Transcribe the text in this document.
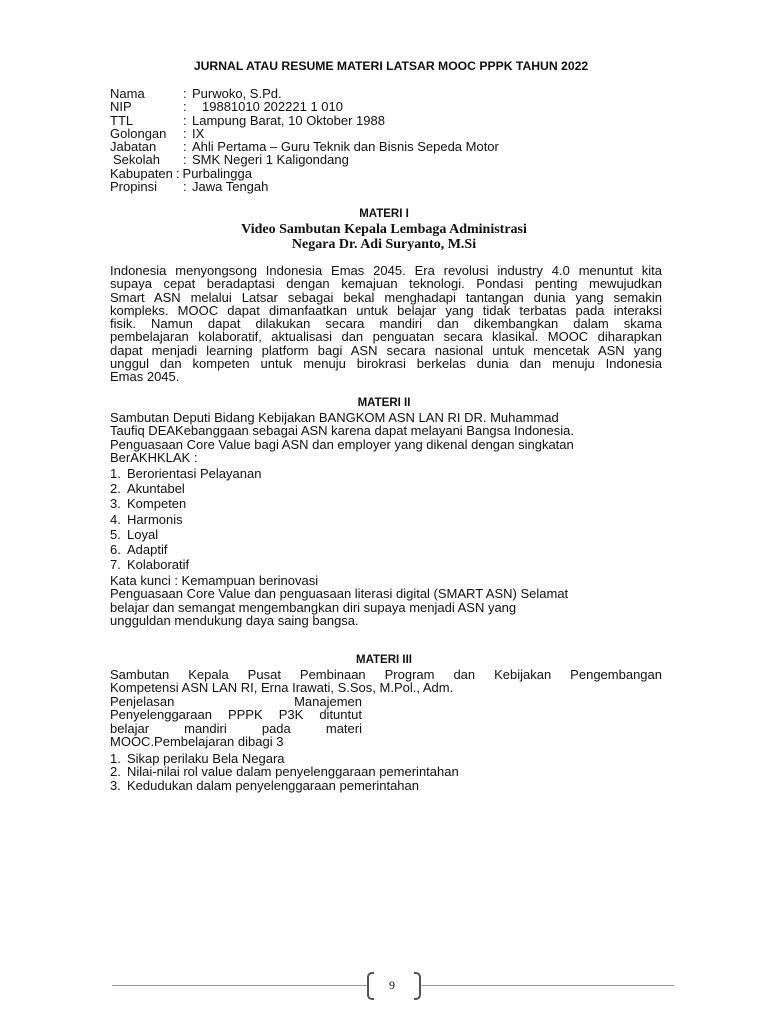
JURNAL ATAU RESUME MATERI LATSAR MOOC PPPK TAHUN 2022
Nama	: Purwoko, S.Pd.
NIP	:	19881010 202221 1 010
TTL	: Lampung Barat, 10 Oktober 1988
Golongan	: IX
Jabatan	: Ahli Pertama – Guru Teknik dan Bisnis Sepeda Motor
Sekolah	: SMK Negeri 1 Kaligondang
Kabupaten : Purbalingga
Propinsi	: Jawa Tengah
MATERI I
Video Sambutan Kepala Lembaga Administrasi
Negara Dr. Adi Suryanto, M.Si

Indonesia menyongsong Indonesia Emas 2045. Era revolusi industry 4.0 menuntut kita

supaya cepat beradaptasi dengan kemajuan teknologi. Pondasi penting mewujudkan

Smart ASN melalui Latsar sebagai bekal menghadapi tantangan dunia yang semakin

kompleks. MOOC dapat dimanfaatkan untuk belajar yang tidak terbatas pada interaksi

fisik. Namun dapat dilakukan secara mandiri dan dikembangkan dalam skama

pembelajaran kolaboratif, aktualisasi dan penguatan secara klasikal. MOOC diharapkan

dapat menjadi learning platform bagi ASN secara nasional untuk mencetak ASN yang

unggul dan kompeten untuk menuju birokrasi berkelas dunia dan menuju Indonesia

Emas 2045.

MATERI II
Sambutan Deputi Bidang Kebijakan BANGKOM ASN LAN RI DR. Muhammad
Taufiq DEAKebanggaan sebagai ASN karena dapat melayani Bangsa Indonesia.
Penguasaan Core Value bagi ASN dan employer yang dikenal dengan singkatan
BerAKHKLAK :
1. Berorientasi Pelayanan
2. Akuntabel
3. Kompeten
4. Harmonis
5. Loyal
6. Adaptif
7. Kolaboratif
Kata kunci : Kemampuan berinovasi
Penguasaan Core Value dan penguasaan literasi digital (SMART ASN) Selamat
belajar dan semangat mengembangkan diri supaya menjadi ASN yang
ungguldan mendukung daya saing bangsa.
MATERI III

Sambutan Kepala Pusat Pembinaan Program dan Kebijakan Pengembangan

Kompetensi ASN LAN RI, Erna Irawati, S.Sos, M.Pol., Adm.

Penjelasan	Manajemen
Penyelenggaraan PPPK P3K dituntut
belajar	mandiri	pada	materi
MOOC.Pembelajaran dibagi 3
1. Sikap perilaku Bela Negara
2. Nilai-nilai rol value dalam penyelenggaraan pemerintahan
3. Kedudukan dalam penyelenggaraan pemerintahan
9
